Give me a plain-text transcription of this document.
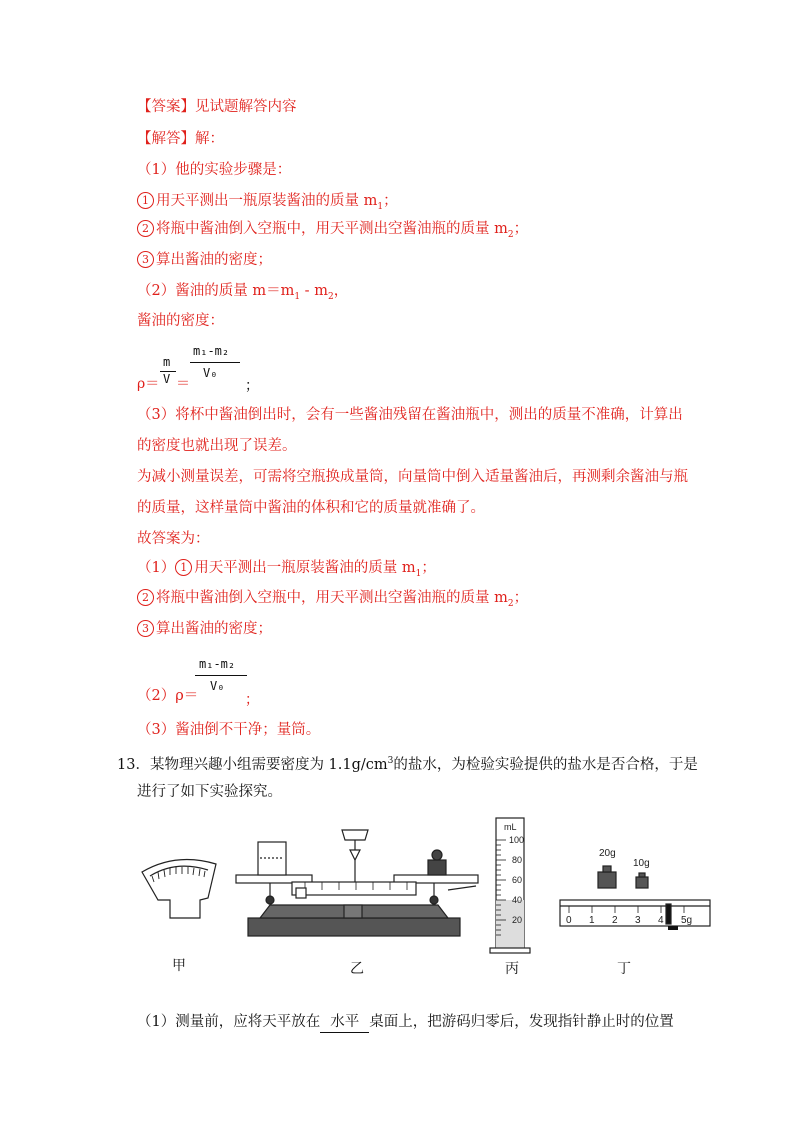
【答案】见试题解答内容
【解答】解：
（1）他的实验步骤是：
1 用天平测出一瓶原装酱油的质量 $m_1$；
2 将瓶中酱油倒入空瓶中，用天平测出空酱油瓶的质量 $m_2$；
3 算出酱油的密度；
（2）酱油的质量 $m=m_1 - m_2$，
酱油的密度：
ρ＝
m
V ＝
m₁-m₂
V₀
；
（3）将杯中酱油倒出时，会有一些酱油残留在酱油瓶中，测出的质量不准确，计算出
的密度也就出现了误差。
为减小测量误差，可需将空瓶换成量筒，向量筒中倒入适量酱油后，再测剩余酱油与瓶
的质量，这样量筒中酱油的体积和它的质量就准确了。
故答案为：
（1） 1 用天平测出一瓶原装酱油的质量 $m_1$；
2 将瓶中酱油倒入空瓶中，用天平测出空酱油瓶的质量 $m_2$；
3 算出酱油的密度；
（2）ρ＝
m₁-m₂
V₀
；
（3）酱油倒不干净；量筒。
13．某物理兴趣小组需要密度为 $1.1g/cm^3$的盐水，为检验实验提供的盐水是否合格，于是
进行了如下实验探究。
mL
100
80
60
40
20
20g
10g
0 1 2 3 4 5g
甲	乙	丙	丁
（1）测量前，应将天平放在 水平 桌面上，把游码归零后，发现指针静止时的位置
